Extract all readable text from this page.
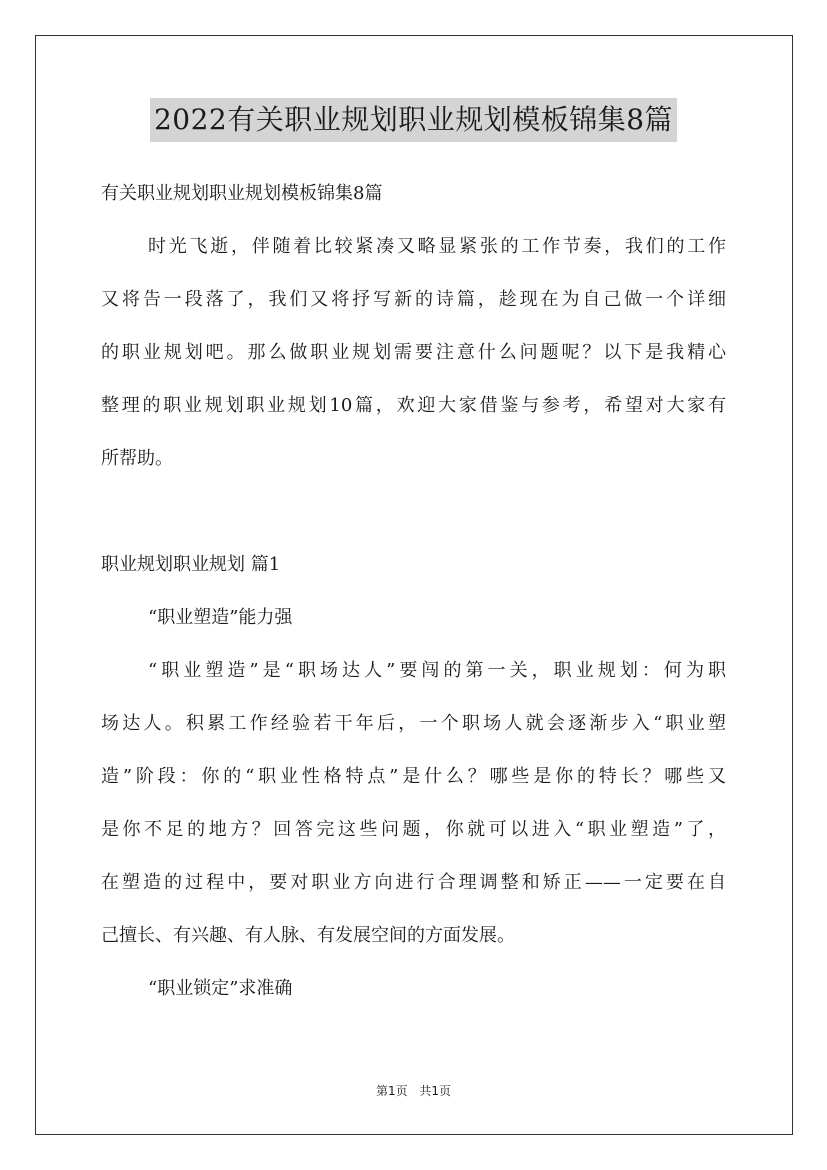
2022有关职业规划职业规划模板锦集8篇
有关职业规划职业规划模板锦集8篇
时光飞逝，伴随着比较紧凑又略显紧张的工作节奏，我们的工作
又将告一段落了，我们又将抒写新的诗篇，趁现在为自己做一个详细
的职业规划吧。那么做职业规划需要注意什么问题呢？以下是我精心
整理的职业规划职业规划10篇，欢迎大家借鉴与参考，希望对大家有
所帮助。
职业规划职业规划 篇1
“职业塑造”能力强
“职业塑造”是“职场达人”要闯的第一关，职业规划：何为职
场达人。积累工作经验若干年后，一个职场人就会逐渐步入“职业塑
造”阶段：你的“职业性格特点”是什么？哪些是你的特长？哪些又
是你不足的地方？回答完这些问题，你就可以进入“职业塑造”了，
在塑造的过程中，要对职业方向进行合理调整和矫正——一定要在自
己擅长、有兴趣、有人脉、有发展空间的方面发展。
“职业锁定”求准确
第1页 共1页
